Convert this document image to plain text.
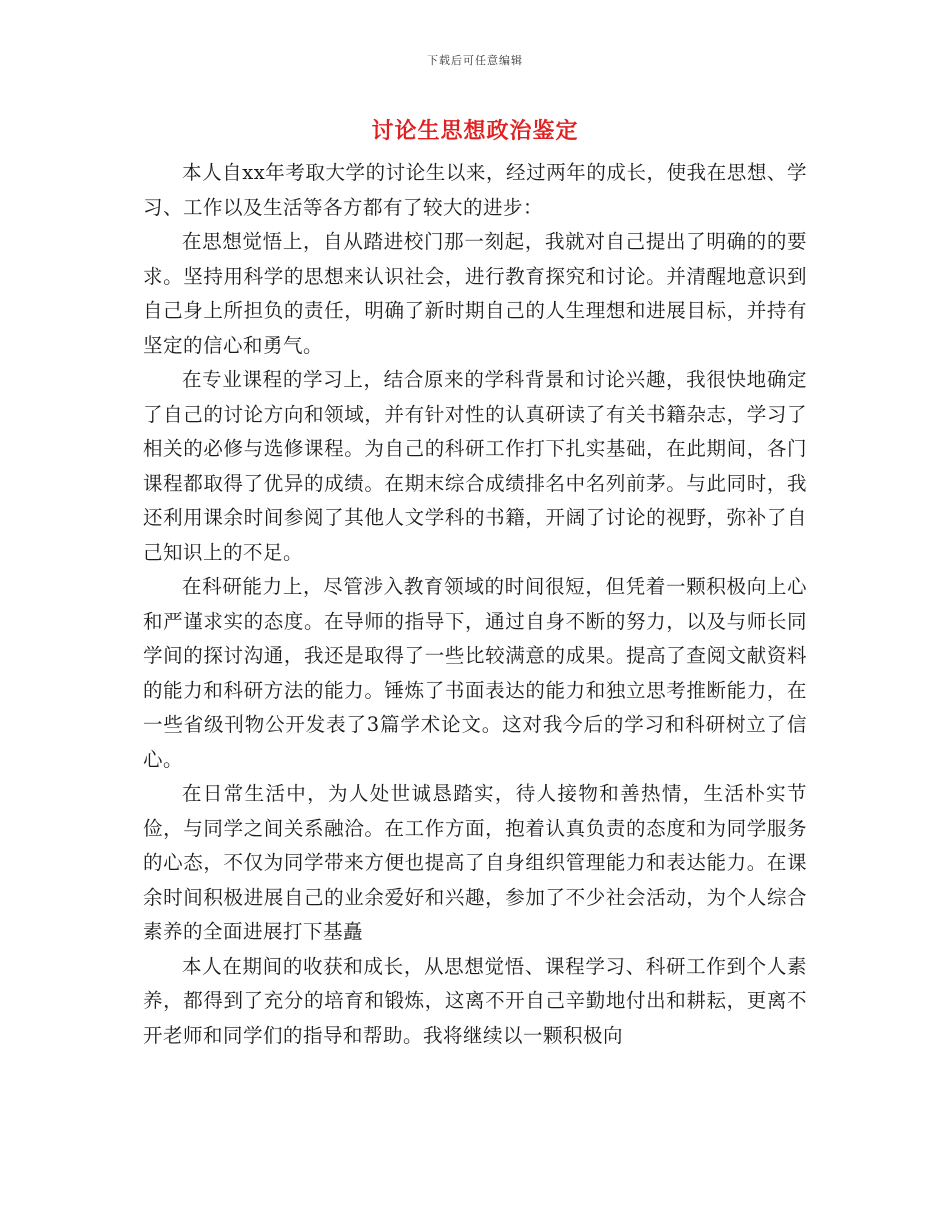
下载后可任意编辑
讨论生思想政治鉴定

本人自xx年考取大学的讨论生以来，经过两年的成长，使我在思想、学习、工作以及生活等各方都有了较大的进步：

在思想觉悟上，自从踏进校门那一刻起，我就对自己提出了明确的的要求。坚持用科学的思想来认识社会，进行教育探究和讨论。并清醒地意识到自己身上所担负的责任，明确了新时期自己的人生理想和进展目标，并持有坚定的信心和勇气。

在专业课程的学习上，结合原来的学科背景和讨论兴趣，我很快地确定了自己的讨论方向和领域，并有针对性的认真研读了有关书籍杂志，学习了相关的必修与选修课程。为自己的科研工作打下扎实基础，在此期间，各门课程都取得了优异的成绩。在期末综合成绩排名中名列前茅。与此同时，我还利用课余时间参阅了其他人文学科的书籍，开阔了讨论的视野，弥补了自己知识上的不足。

在科研能力上，尽管涉入教育领域的时间很短，但凭着一颗积极向上心和严谨求实的态度。在导师的指导下，通过自身不断的努力，以及与师长同学间的探讨沟通，我还是取得了一些比较满意的成果。提高了查阅文献资料的能力和科研方法的能力。锤炼了书面表达的能力和独立思考推断能力，在一些省级刊物公开发表了3篇学术论文。这对我今后的学习和科研树立了信心。

在日常生活中，为人处世诚恳踏实，待人接物和善热情，生活朴实节俭，与同学之间关系融洽。在工作方面，抱着认真负责的态度和为同学服务的心态，不仅为同学带来方便也提高了自身组织管理能力和表达能力。在课余时间积极进展自己的业余爱好和兴趣，参加了不少社会活动，为个人综合素养的全面进展打下基矗

本人在期间的收获和成长，从思想觉悟、课程学习、科研工作到个人素养，都得到了充分的培育和锻炼，这离不开自己辛勤地付出和耕耘，更离不开老师和同学们的指导和帮助。我将继续以一颗积极向
